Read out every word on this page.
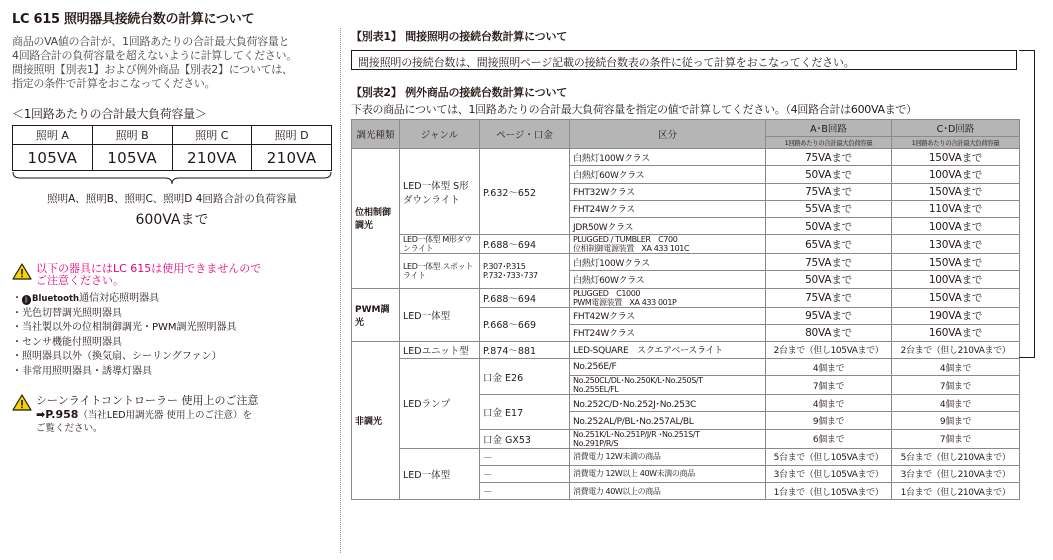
LC 615 照明器具接続台数の計算について
商品のVA値の合計が、1回路あたりの合計最大負荷容量と
4回路合計の負荷容量を超えないように計算してください。
間接照明【別表1】および例外商品【別表2】については、
指定の条件で計算をおこなってください。
＜1回路あたりの合計最大負荷容量＞
照明 A	照明 B	照明 C	照明 D
105VA	105VA	210VA	210VA
照明A、照明B、照明C、照明D 4回路合計の負荷容量
600VAまで
以下の器具にはLC 615は使用できませんので
ご注意ください。
・ ᛒ Bluetooth通信対応照明器具
・ 光色切替調光照明器具
・ 当社製以外の位相制御調光・PWM調光照明器具
・ センサ機能付照明器具
・ 照明器具以外（換気扇、シーリングファン）
・ 非常用照明器具・誘導灯器具
シーンライトコントローラー 使用上のご注意
➡P.958（当社LED用調光器 使用上のご注意）を
ご覧ください。
【別表1】 間接照明の接続台数計算について
間接照明の接続台数は、間接照明ページ記載の接続台数表の条件に従って計算をおこなってください。
【別表2】 例外商品の接続台数計算について
下表の商品については、1回路あたりの合計最大負荷容量を指定の値で計算してください。（4回路合計は600VAまで）
調光種類	ジャンル	ページ・口金	区分	A･B回路	C･D回路
				1回路あたりの合計最大負荷容量	1回路あたりの合計最大負荷容量
位相制御調光	LED一体型 S形ダウンライト	P.632～652	白熱灯100Wクラス	75VAまで	150VAまで
			白熱灯60Wクラス	50VAまで	100VAまで
			FHT32Wクラス	75VAまで	150VAまで
			FHT24Wクラス	55VAまで	110VAまで
			JDR50Wクラス	50VAまで	100VAまで
	LED一体型 M形ダウンライト	P.688～694	PLUGGED / TUMBLER　C700
位相制御電源装置　XA 433 101C	65VAまで	130VAまで
	LED一体型 スポットライト	P.307･P.315
P.732･733･737	白熱灯100Wクラス	75VAまで	150VAまで
			白熱灯60Wクラス	50VAまで	100VAまで
PWM調光	LED一体型	P.688～694	PLUGGED　C1000
PWM電源装置　XA 433 001P	75VAまで	150VAまで
		P.668～669	FHT42Wクラス	95VAまで	190VAまで
			FHT24Wクラス	80VAまで	160VAまで
非調光	LEDユニット型	P.874～881	LED-SQUARE　スクエアベースライト	2台まで（但し105VAまで）	2台まで（但し210VAまで）
	LEDランプ	口金 E26	No.256E/F	4個まで	4個まで

			No.250CL/DL･No.250K/L･No.250S/T
No.255EL/FL	7個まで	7個まで
		口金 E17	No.252C/D･No.252J･No.253C	4個まで	4個まで
			No.252AL/P/BL･No.257AL/BL	9個まで	9個まで
		口金 GX53	No.251K/L･No.251P/J/R ･No.251S/T
No.291P/R/S	6個まで	7個まで
	LED一体型	－	消費電力 12W未満の商品	5台まで（但し105VAまで）	5台まで（但し210VAまで）
		－	消費電力 12W以上 40W未満の商品	3台まで（但し105VAまで）	3台まで（但し210VAまで）
		－	消費電力 40W以上の商品	1台まで（但し105VAまで）	1台まで（但し210VAまで）
